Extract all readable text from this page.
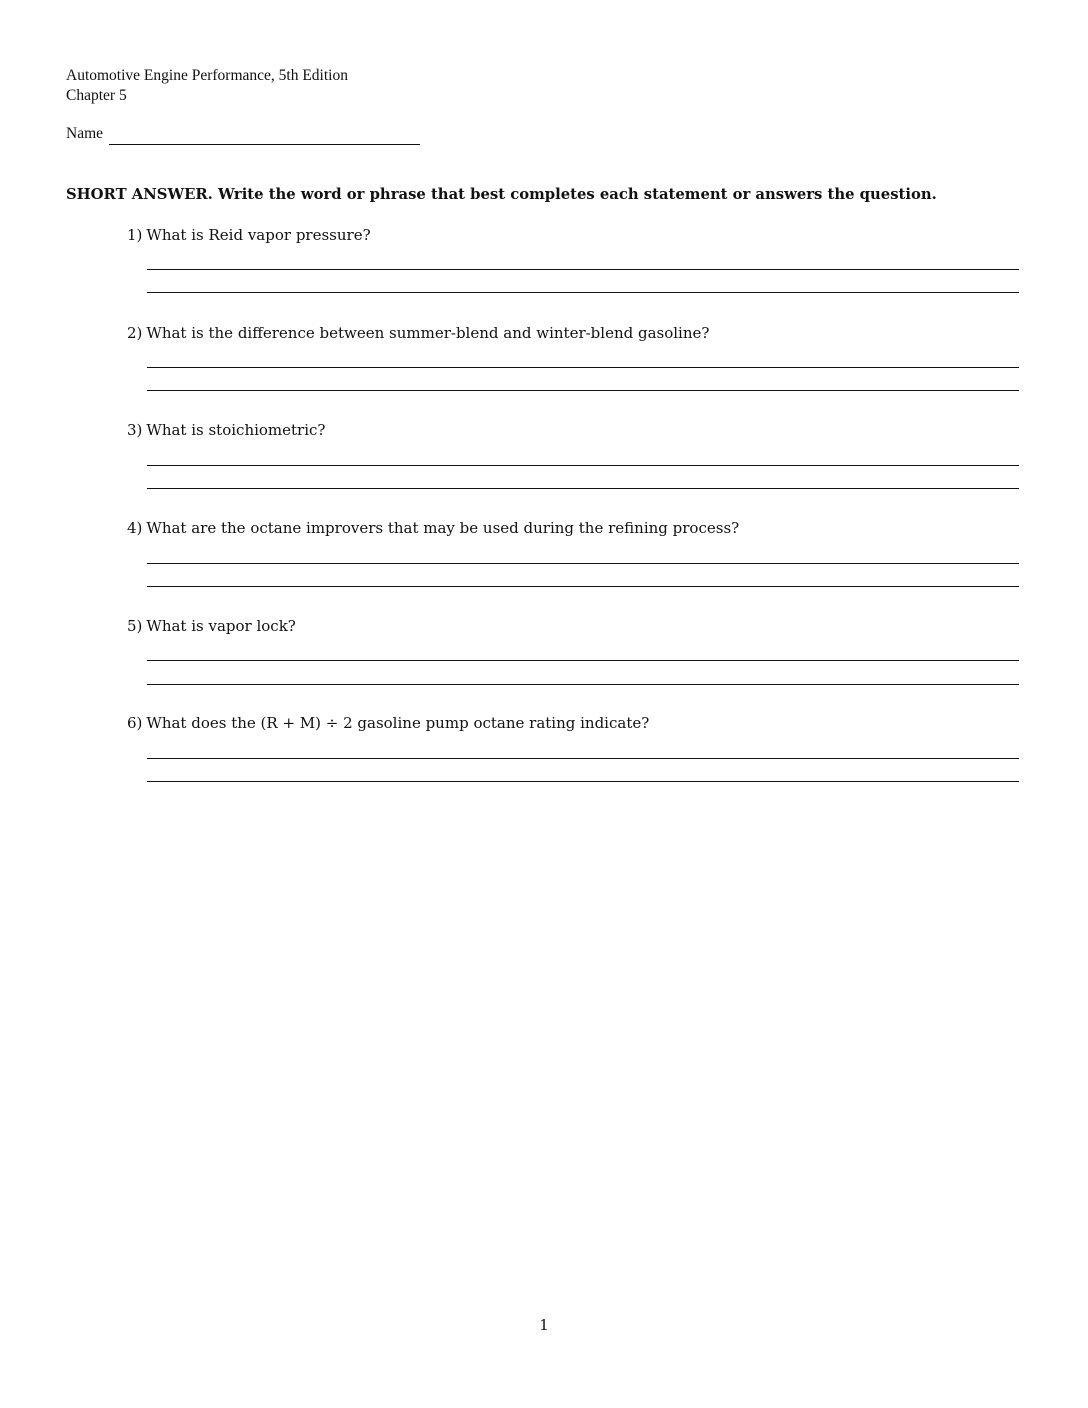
Automotive Engine Performance, 5th Edition
Chapter 5
Name
SHORT ANSWER. Write the word or phrase that best completes each statement or answers the question.
1) What is Reid vapor pressure?
2) What is the difference between summer-blend and winter-blend gasoline?
3) What is stoichiometric?
4) What are the octane improvers that may be used during the refining process?
5) What is vapor lock?
6) What does the (R + M) ÷ 2 gasoline pump octane rating indicate?
1
